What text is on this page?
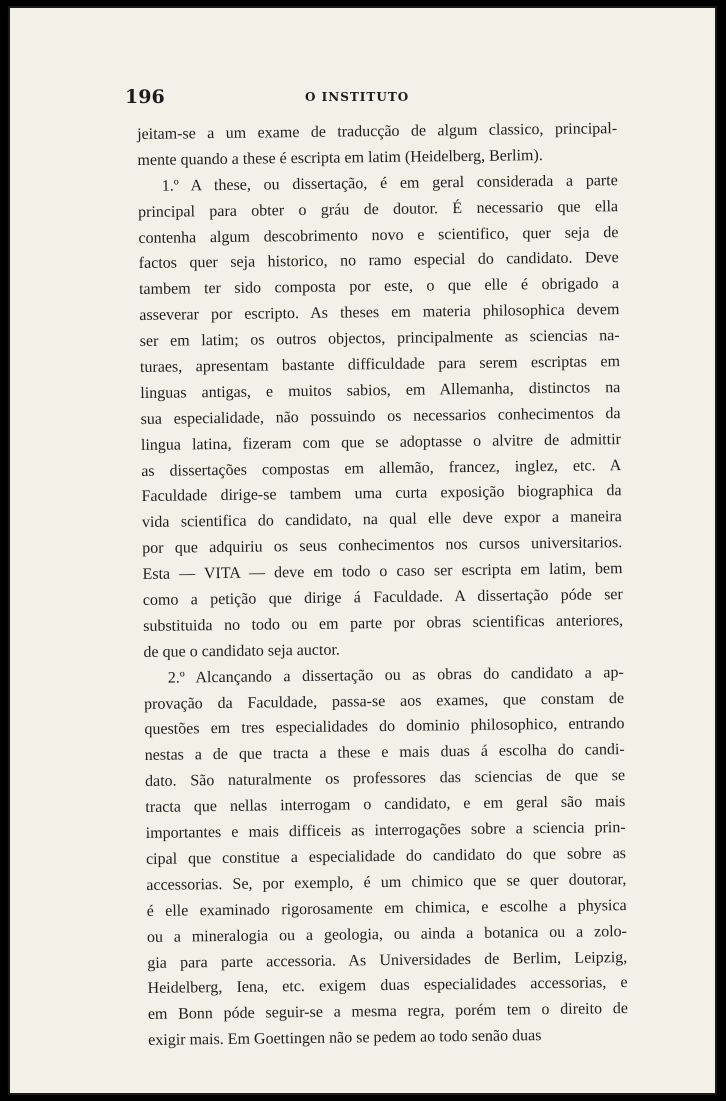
196	O INSTITUTO
jeitam-se a um exame de traducção de algum classico, principal-
mente quando a these é escripta em latim (Heidelberg, Berlim).
1.º A these, ou dissertação, é em geral considerada a parte
principal para obter o gráu de doutor. É necessario que ella
contenha algum descobrimento novo e scientifico, quer seja de
factos quer seja historico, no ramo especial do candidato. Deve
tambem ter sido composta por este, o que elle é obrigado a
asseverar por escripto. As theses em materia philosophica devem
ser em latim; os outros objectos, principalmente as sciencias na-
turaes, apresentam bastante difficuldade para serem escriptas em
linguas antigas, e muitos sabios, em Allemanha, distinctos na
sua especialidade, não possuindo os necessarios conhecimentos da
lingua latina, fizeram com que se adoptasse o alvitre de admittir
as dissertações compostas em allemão, francez, inglez, etc. A
Faculdade dirige-se tambem uma curta exposição biographica da
vida scientifica do candidato, na qual elle deve expor a maneira
por que adquiriu os seus conhecimentos nos cursos universitarios.
Esta — VITA — deve em todo o caso ser escripta em latim, bem
como a petição que dirige á Faculdade. A dissertação póde ser
substituida no todo ou em parte por obras scientificas anteriores,
de que o candidato seja auctor.
2.º Alcançando a dissertação ou as obras do candidato a ap-
provação da Faculdade, passa-se aos exames, que constam de
questões em tres especialidades do dominio philosophico, entrando
nestas a de que tracta a these e mais duas á escolha do candi-
dato. São naturalmente os professores das sciencias de que se
tracta que nellas interrogam o candidato, e em geral são mais
importantes e mais difficeis as interrogações sobre a sciencia prin-
cipal que constitue a especialidade do candidato do que sobre as
accessorias. Se, por exemplo, é um chimico que se quer doutorar,
é elle examinado rigorosamente em chimica, e escolhe a physica
ou a mineralogia ou a geologia, ou ainda a botanica ou a zolo-
gia para parte accessoria. As Universidades de Berlim, Leipzig,
Heidelberg, Iena, etc. exigem duas especialidades accessorias, e
em Bonn póde seguir-se a mesma regra, porém tem o direito de
exigir mais. Em Goettingen não se pedem ao todo senão duas
